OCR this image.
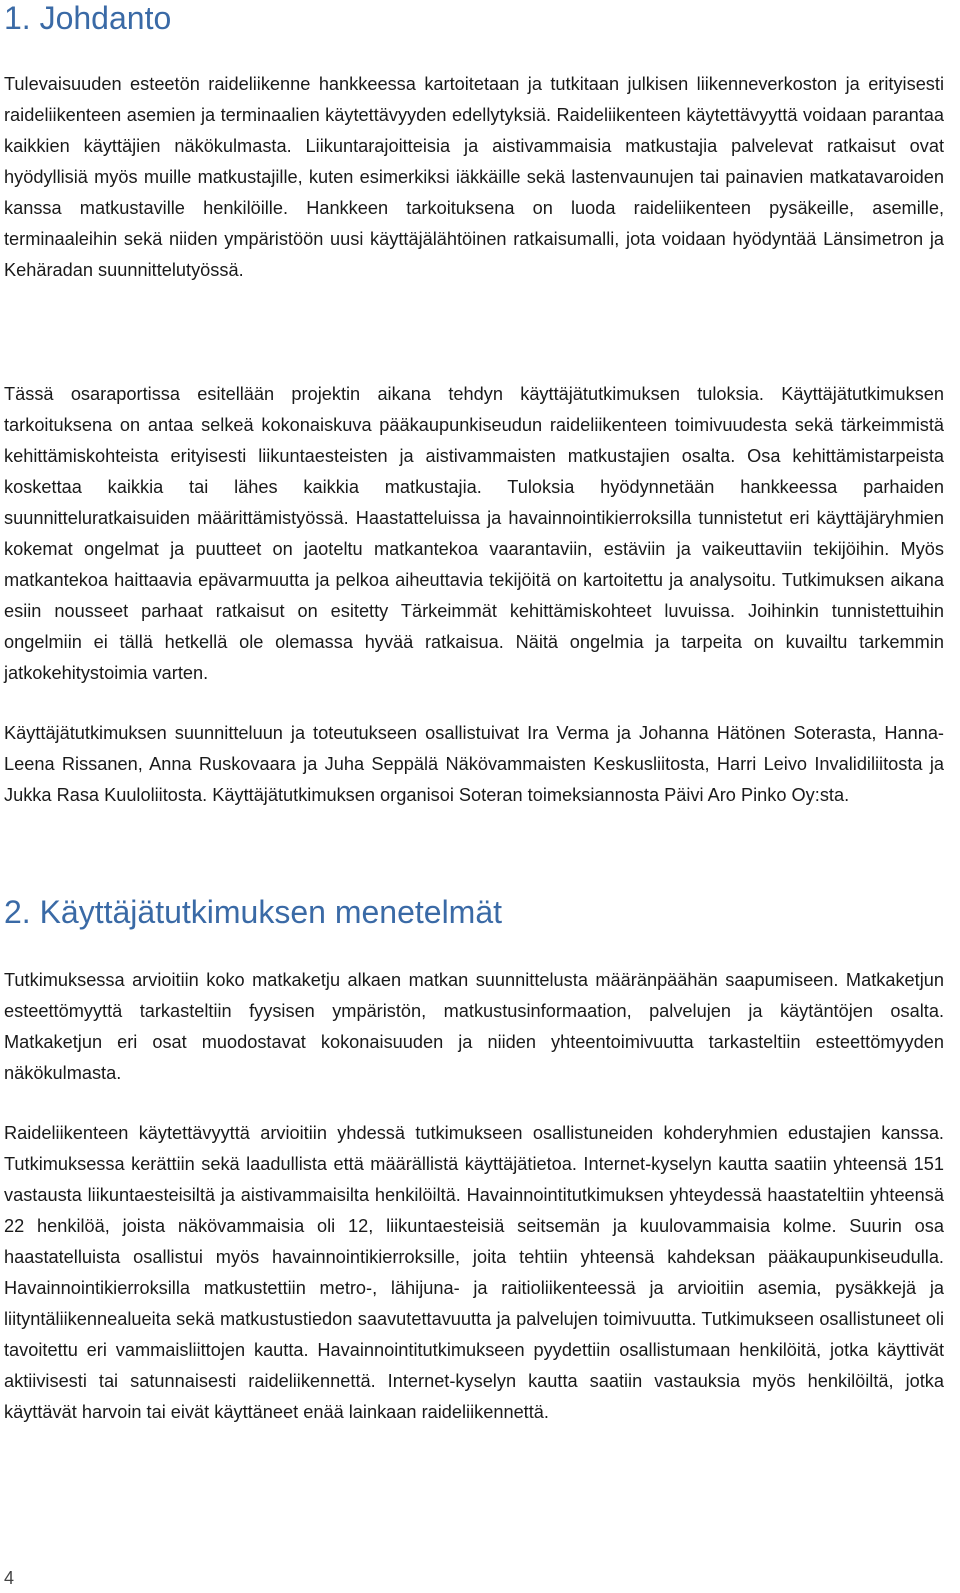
1. Johdanto

Tulevaisuuden esteetön raideliikenne hankkeessa kartoitetaan ja tutkitaan julkisen liikenneverkoston ja erityisesti raideliikenteen asemien ja terminaalien käytettävyyden edellytyksiä. Raideliikenteen käytettävyyttä voidaan parantaa kaikkien käyttäjien näkökulmasta. Liikuntarajoitteisia ja aistivammaisia matkustajia palvelevat ratkaisut ovat hyödyllisiä myös muille matkustajille, kuten esimerkiksi iäkkäille sekä lastenvaunujen tai painavien matkatavaroiden kanssa matkustaville henkilöille. Hankkeen tarkoituksena on luoda raideliikenteen pysäkeille, asemille, terminaaleihin sekä niiden ympäristöön uusi käyttäjälähtöinen ratkaisumalli, jota voidaan hyödyntää Länsimetron ja Kehäradan suunnittelutyössä.

Tässä osaraportissa esitellään projektin aikana tehdyn käyttäjätutkimuksen tuloksia. Käyttäjätutkimuksen tarkoituksena on antaa selkeä kokonaiskuva pääkaupunkiseudun raideliikenteen toimivuudesta sekä tärkeimmistä kehittämiskohteista erityisesti liikuntaesteisten ja aistivammaisten matkustajien osalta. Osa kehittämistarpeista koskettaa kaikkia tai lähes kaikkia matkustajia. Tuloksia hyödynnetään hankkeessa parhaiden suunnitteluratkaisuiden määrittämistyössä. Haastatteluissa ja havainnointikierroksilla tunnistetut eri käyttäjäryhmien kokemat ongelmat ja puutteet on jaoteltu matkantekoa vaarantaviin, estäviin ja vaikeuttaviin tekijöihin. Myös matkantekoa haittaavia epävarmuutta ja pelkoa aiheuttavia tekijöitä on kartoitettu ja analysoitu. Tutkimuksen aikana esiin nousseet parhaat ratkaisut on esitetty Tärkeimmät kehittämiskohteet luvuissa. Joihinkin tunnistettuihin ongelmiin ei tällä hetkellä ole olemassa hyvää ratkaisua. Näitä ongelmia ja tarpeita on kuvailtu tarkemmin jatkokehitystoimia varten.

Käyttäjätutkimuksen suunnitteluun ja toteutukseen osallistuivat Ira Verma ja Johanna Hätönen Soterasta, Hanna-Leena Rissanen, Anna Ruskovaara ja Juha Seppälä Näkövammaisten Keskusliitosta, Harri Leivo Invalidiliitosta ja Jukka Rasa Kuuloliitosta. Käyttäjätutkimuksen organisoi Soteran toimeksiannosta Päivi Aro Pinko Oy:sta.

2. Käyttäjätutkimuksen menetelmät

Tutkimuksessa arvioitiin koko matkaketju alkaen matkan suunnittelusta määränpäähän saapumiseen. Matkaketjun esteettömyyttä tarkasteltiin fyysisen ympäristön, matkustusinformaation, palvelujen ja käytäntöjen osalta. Matkaketjun eri osat muodostavat kokonaisuuden ja niiden yhteentoimivuutta tarkasteltiin esteettömyyden näkökulmasta.

Raideliikenteen käytettävyyttä arvioitiin yhdessä tutkimukseen osallistuneiden kohderyhmien edustajien kanssa. Tutkimuksessa kerättiin sekä laadullista että määrällistä käyttäjätietoa. Internet-kyselyn kautta saatiin yhteensä 151 vastausta liikuntaesteisiltä ja aistivammaisilta henkilöiltä. Havainnointitutkimuksen yhteydessä haastateltiin yhteensä 22 henkilöä, joista näkövammaisia oli 12, liikuntaesteisiä seitsemän ja kuulovammaisia kolme. Suurin osa haastatelluista osallistui myös havainnointikierroksille, joita tehtiin yhteensä kahdeksan pääkaupunkiseudulla. Havainnointikierroksilla matkustettiin metro-, lähijuna- ja raitioliikenteessä ja arvioitiin asemia, pysäkkejä ja liityntäliikennealueita sekä matkustustiedon saavutettavuutta ja palvelujen toimivuutta. Tutkimukseen osallistuneet oli tavoitettu eri vammaisliittojen kautta. Havainnointitutkimukseen pyydettiin osallistumaan henkilöitä, jotka käyttivät aktiivisesti tai satunnaisesti raideliikennettä. Internet-kyselyn kautta saatiin vastauksia myös henkilöiltä, jotka käyttävät harvoin tai eivät käyttäneet enää lainkaan raideliikennettä.

4
